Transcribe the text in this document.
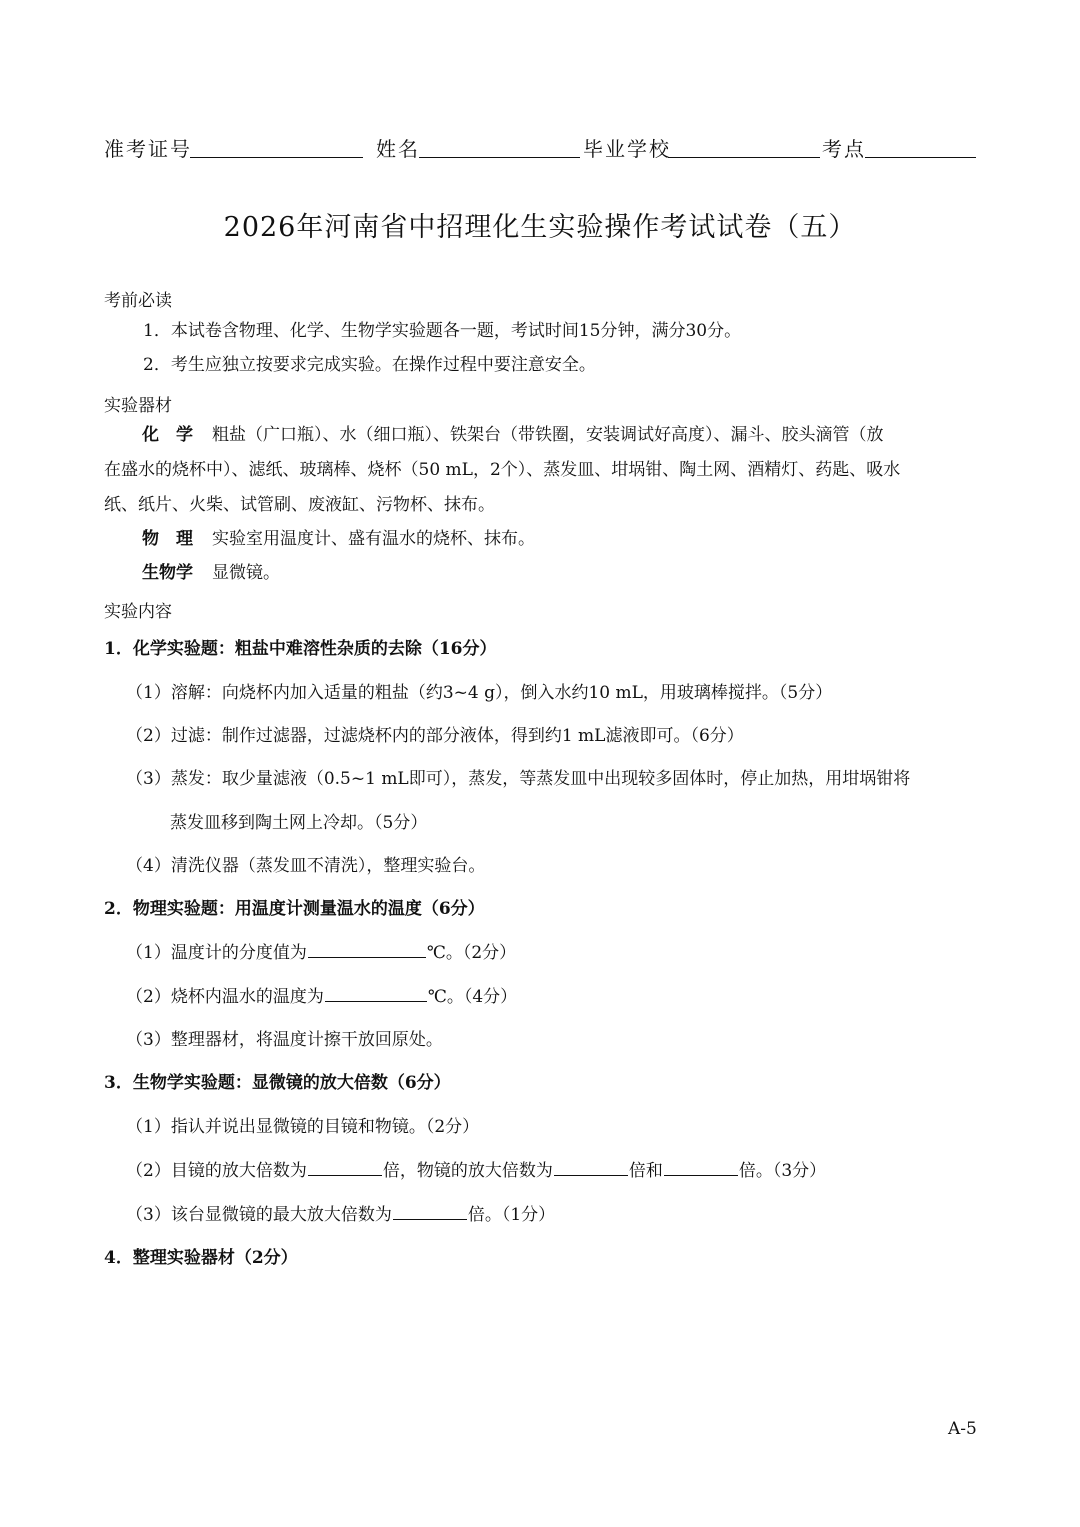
准考证号	姓名	毕业学校	考点
2026年河南省中招理化生实验操作考试试卷（五）
考前必读
1．本试卷含物理、化学、生物学实验题各一题，考试时间15分钟，满分30分。
2．考生应独立按要求完成实验。在操作过程中要注意安全。
实验器材
化　学 粗盐（广口瓶）、水（细口瓶）、铁架台（带铁圈，安装调试好高度）、漏斗、胶头滴管（放
在盛水的烧杯中）、滤纸、玻璃棒、烧杯（50 mL，2个）、蒸发皿、坩埚钳、陶土网、酒精灯、药匙、吸水
纸、纸片、火柴、试管刷、废液缸、污物杯、抹布。
物　理 实验室用温度计、盛有温水的烧杯、抹布。
生物学 显微镜。
实验内容
1．化学实验题：粗盐中难溶性杂质的去除（16分）
（1）溶解：向烧杯内加入适量的粗盐（约3~4 g），倒入水约10 mL，用玻璃棒搅拌。（5分）
（2）过滤：制作过滤器，过滤烧杯内的部分液体，得到约1 mL滤液即可。（6分）
（3）蒸发：取少量滤液（0.5~1 mL即可），蒸发，等蒸发皿中出现较多固体时，停止加热，用坩埚钳将
蒸发皿移到陶土网上冷却。（5分）
（4）清洗仪器（蒸发皿不清洗），整理实验台。
2．物理实验题：用温度计测量温水的温度（6分）
（1）温度计的分度值为	℃。（2分）
（2）烧杯内温水的温度为	℃。（4分）
（3）整理器材，将温度计擦干放回原处。
3．生物学实验题：显微镜的放大倍数（6分）
（1）指认并说出显微镜的目镜和物镜。（2分）
（2）目镜的放大倍数为	倍，物镜的放大倍数为	倍和	倍。（3分）
（3）该台显微镜的最大放大倍数为	倍。（1分）
4．整理实验器材（2分）
A-5
